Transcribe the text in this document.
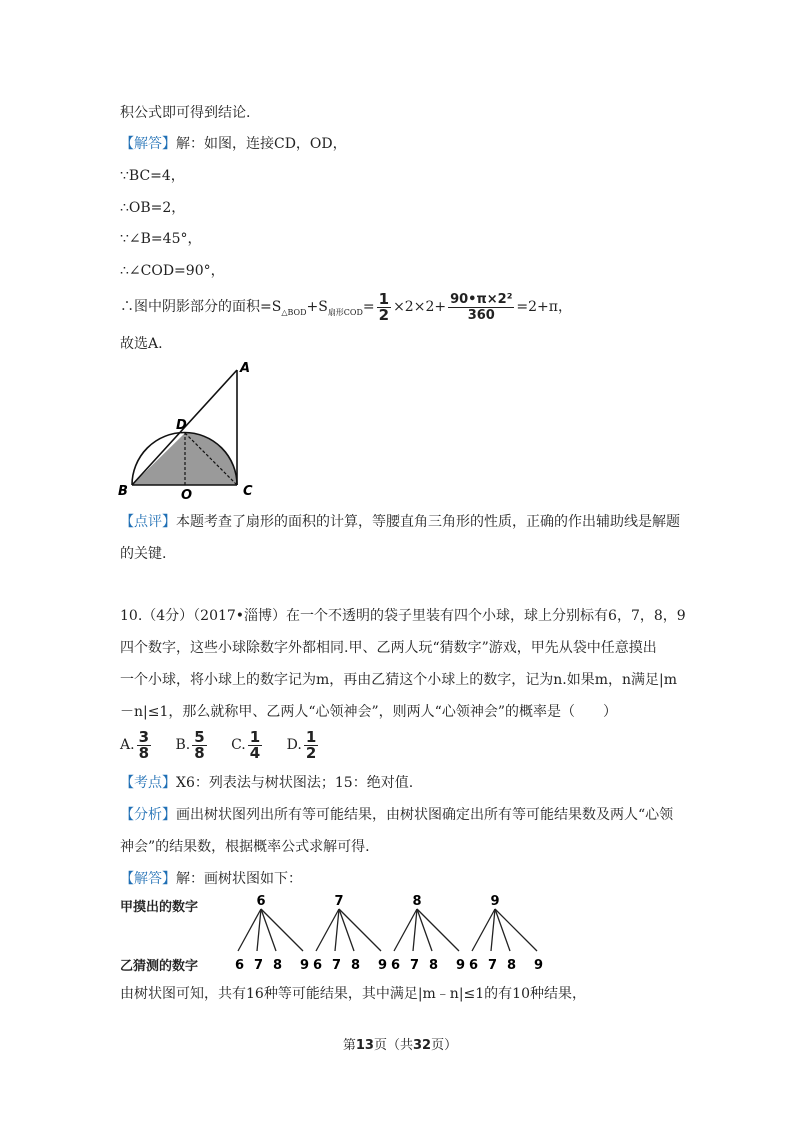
积公式即可得到结论.
【解答】解：如图，连接CD，OD，
∵BC=4，
∴OB=2，
∵∠B=45°，
∴∠COD=90°，
∴图中阴影部分的面积$=S_{\triangle BOD}+S_{扇形COD}= \frac{1}{2} \times 2\times 2+ \frac{\text{90•π×2²}}{360} =2+\pi$，
故选A.
A
D
B	O	C
【点评】本题考查了扇形的面积的计算，等腰直角三角形的性质，正确的作出辅助线是解题
的关键.
10.（4分）（2017•淄博）在一个不透明的袋子里装有四个小球，球上分别标有6，7，8，9
四个数字，这些小球除数字外都相同.甲、乙两人玩“猜数字”游戏，甲先从袋中任意摸出
一个小球，将小球上的数字记为m，再由乙猜这个小球上的数字，记为n.如果m，n满足|m
－n|≤1，那么就称甲、乙两人“心领神会”，则两人“心领神会”的概率是（　　）
A. $\frac{3}{8} B$. $\frac{5}{8} C$. $\frac{1}{4} D$. $\frac{1}{2}$
【考点】X6：列表法与树状图法；15：绝对值.
【分析】画出树状图列出所有等可能结果，由树状图确定出所有等可能结果数及两人“心领
神会”的结果数，根据概率公式求解可得.
【解答】解：画树状图如下：
甲摸出的数字
乙猜测的数字
6
6 7 8 9
7
6 7 8 9
8
6 7 8 9
9
6 7 8 9
由树状图可知，共有16种等可能结果，其中满足|m﹣n|≤1的有10种结果，
第13页（共32页）
